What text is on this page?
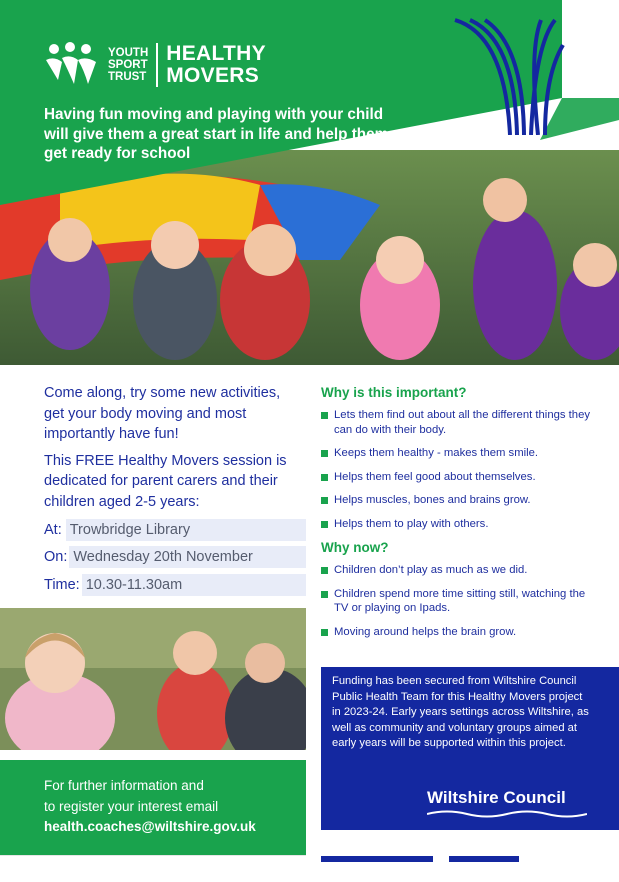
YOUTH
SPORT
TRUST
HEALTHY
MOVERS
Having fun moving and playing with your child will give them a great start in life and help them get ready for school

Come along, try some new activities, get your body moving and most importantly have fun!

This FREE Healthy Movers session is dedicated for parent carers and their children aged 2-5 years:

At: Trowbridge Library
On: Wednesday 20th November
Time: 10.30-11.30am
Why is this important?
Lets them find out about all the different things they can do with their body.
Keeps them healthy - makes them smile.
Helps them feel good about themselves.
Helps muscles, bones and brains grow.
Helps them to play with others.
Why now?
Children don’t play as much as we did.
Children spend more time sitting still, watching the TV or playing on Ipads.
Moving around helps the brain grow.
For further information and
to register your interest email
health.coaches@wiltshire.gov.uk
Funding has been secured from Wiltshire Council Public Health Team for this Healthy Movers project in 2023-24. Early years settings across Wiltshire, as well as community and voluntary groups aimed at early years will be supported within this project.
Wiltshire Council
